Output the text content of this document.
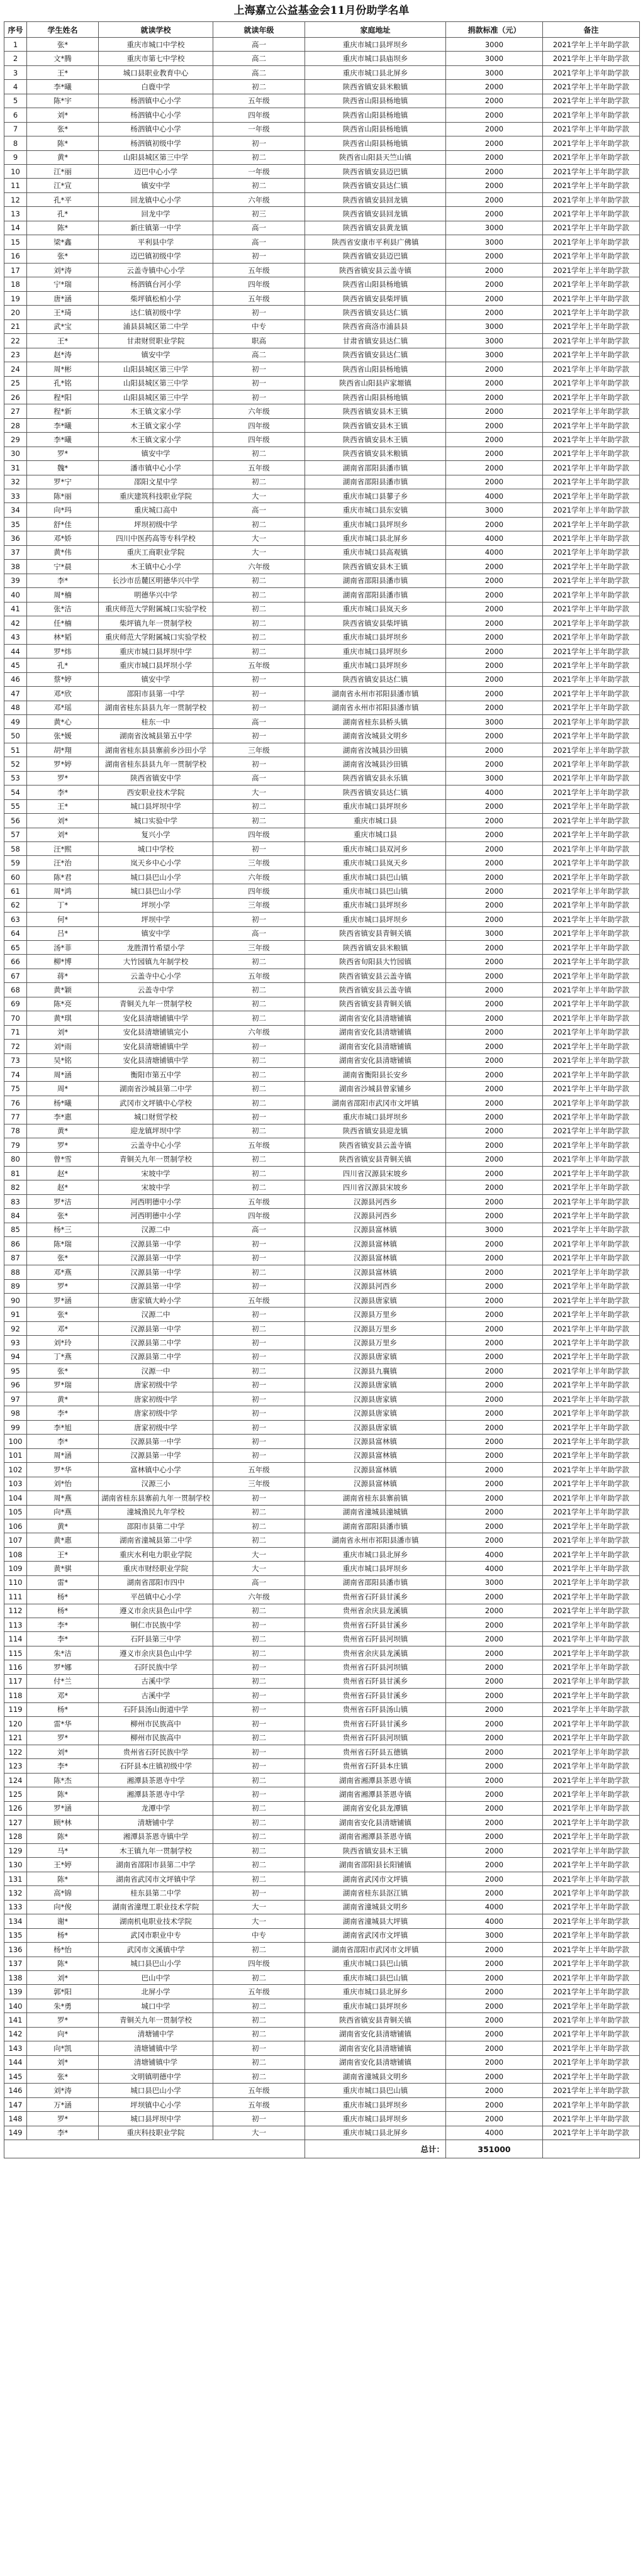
上海嘉立公益基金会11月份助学名单
序号	学生姓名	就读学校	就读年级	家庭地址	捐款标准（元）	备注
1	张*	重庆市城口中学校	高一	重庆市城口县坪坝乡	3000	2021学年上半年助学款
2	文*腾	重庆市第七中学校	高二	重庆市城口县庙坝乡	3000	2021学年上半年助学款
3	王*	城口县职业教育中心	高二	重庆市城口县北屏乡	3000	2021学年上半年助学款
4	李*曦	白鹿中学	初二	陕西省镇安县米粮镇	2000	2021学年上半年助学款
5	陈*宇	杨泗镇中心小学	五年级	陕西省山阳县杨地镇	2000	2021学年上半年助学款
6	刘*	杨泗镇中心小学	四年级	陕西省山阳县杨地镇	2000	2021学年上半年助学款
7	张*	杨泗镇中心小学	一年级	陕西省山阳县杨地镇	2000	2021学年上半年助学款
8	陈*	杨泗镇初级中学	初一	陕西省山阳县杨地镇	2000	2021学年上半年助学款
9	黄*	山阳县城区第三中学	初二	陕西省山阳县天竺山镇	2000	2021学年上半年助学款
10	江*丽	迈巴中心小学	一年级	陕西省镇安县迈巴镇	2000	2021学年上半年助学款
11	江*宣	镇安中学	初二	陕西省镇安县达仁镇	2000	2021学年上半年助学款
12	孔*平	回龙镇中心小学	六年级	陕西省镇安县回龙镇	2000	2021学年上半年助学款
13	孔*	回龙中学	初三	陕西省镇安县回龙镇	2000	2021学年上半年助学款
14	陈*	新庄镇第一中学	高一	陕西省镇安县黄龙镇	3000	2021学年上半年助学款
15	梁*鑫	平利县中学	高一	陕西省安康市平利县广佛镇	3000	2021学年上半年助学款
16	张*	迈巴镇初级中学	初一	陕西省镇安县迈巴镇	2000	2021学年上半年助学款
17	刘*涛	云盖寺镇中心小学	五年级	陕西省镇安县云盖寺镇	2000	2021学年上半年助学款
18	宁*瑞	杨泗镇台河小学	四年级	陕西省山阳县杨地镇	2000	2021学年上半年助学款
19	唐*涵	柴坪镇松柏小学	五年级	陕西省镇安县柴坪镇	2000	2021学年上半年助学款
20	王*琦	达仁镇初级中学	初一	陕西省镇安县达仁镇	2000	2021学年上半年助学款
21	武*宝	浦县县城区第二中学	中专	陕西省商洛市浦县县	3000	2021学年上半年助学款
22	王*	甘肃财贸职业学院	职高	甘肃省镇安县达仁镇	3000	2021学年上半年助学款
23	赵*涛	镇安中学	高二	陕西省镇安县达仁镇	3000	2021学年上半年助学款
24	周*彬	山阳县城区第三中学	初一	陕西省山阳县杨地镇	2000	2021学年上半年助学款
25	孔*铭	山阳县城区第三中学	初一	陕西省山阳县庐家塬镇	2000	2021学年上半年助学款
26	程*阳	山阳县城区第三中学	初一	陕西省山阳县杨地镇	2000	2021学年上半年助学款
27	程*新	木王镇文家小学	六年级	陕西省镇安县木王镇	2000	2021学年上半年助学款
28	李*曦	木王镇文家小学	四年级	陕西省镇安县木王镇	2000	2021学年上半年助学款
29	李*曦	木王镇文家小学	四年级	陕西省镇安县木王镇	2000	2021学年上半年助学款
30	罗*	镇安中学	初二	陕西省镇安县米粮镇	2000	2021学年上半年助学款
31	魏*	潘市镇中心小学	五年级	湖南省邵阳县潘市镇	2000	2021学年上半年助学款
32	罗*宁	邵阳文星中学	初二	湖南省邵阳县潘市镇	2000	2021学年上半年助学款
33	陈*丽	重庆建筑科技职业学院	大一	重庆市城口县蓼子乡	4000	2021学年上半年助学款
34	向*玛	重庆城口高中	高一	重庆市城口县东安镇	3000	2021学年上半年助学款
35	舒*佳	坪坝初级中学	初二	重庆市城口县坪坝乡	2000	2021学年上半年助学款
36	邓*娇	四川中医药高等专科学校	大一	重庆市城口县北屏乡	4000	2021学年上半年助学款
37	黄*伟	重庆工商职业学院	大一	重庆市城口县高观镇	4000	2021学年上半年助学款
38	宁*晨	木王镇中心小学	六年级	陕西省镇安县木王镇	2000	2021学年上半年助学款
39	李*	长沙市岳麓区明德华兴中学	初二	湖南省邵阳县潘市镇	2000	2021学年上半年助学款
40	周*楠	明德华兴中学	初二	湖南省邵阳县潘市镇	2000	2021学年上半年助学款
41	张*洁	重庆师范大学附属城口实验学校	初二	重庆市城口县岚天乡	2000	2021学年上半年助学款
42	任*楠	柴坪镇九年一贯制学校	初二	陕西省镇安县柴坪镇	2000	2021学年上半年助学款
43	林*韬	重庆师范大学附属城口实验学校	初二	重庆市城口县坪坝乡	2000	2021学年上半年助学款
44	罗*炜	重庆市城口县坪坝中学	初二	重庆市城口县坪坝乡	2000	2021学年上半年助学款
45	孔*	重庆市城口县坪坝小学	五年级	重庆市城口县坪坝乡	2000	2021学年上半年助学款
46	蔡*婷	镇安中学	初一	陕西省镇安县达仁镇	2000	2021学年上半年助学款
47	邓*欣	邵阳市县第一中学	初一	湖南省永州市祁阳县潘市镇	2000	2021学年上半年助学款
48	邓*瑶	湖南省桂东县县九年一贯制学校	初一	湖南省永州市祁阳县潘市镇	2000	2021学年上半年助学款
49	黄*心	桂东一中	高一	湖南省桂东县桥头镇	3000	2021学年上半年助学款
50	张*媛	湖南省汝城县第五中学	初一	湖南省汝城县文明乡	2000	2021学年上半年助学款
51	胡*翔	湖南省桂东县县寨前乡沙田小学	三年级	湖南省汝城县沙田镇	2000	2021学年上半年助学款
52	罗*婷	湖南省桂东县县九年一贯制学校	初一	湖南省汝城县沙田镇	2000	2021学年上半年助学款
53	罗*	陕西省镇安中学	高一	陕西省镇安县永乐镇	3000	2021学年上半年助学款
54	李*	西安职业技术学院	大一	陕西省镇安县达仁镇	4000	2021学年上半年助学款
55	王*	城口县坪坝中学	初二	重庆市城口县坪坝乡	2000	2021学年上半年助学款
56	刘*	城口实验中学	初二	重庆市城口县	2000	2021学年上半年助学款
57	刘*	复兴小学	四年级	重庆市城口县	2000	2021学年上半年助学款
58	汪*熙	城口中学校	初一	重庆市城口县双河乡	2000	2021学年上半年助学款
59	汪*治	岚天乡中心小学	三年级	重庆市城口县岚天乡	2000	2021学年上半年助学款
60	陈*君	城口县巴山小学	六年级	重庆市城口县巴山镇	2000	2021学年上半年助学款
61	周*鸿	城口县巴山小学	四年级	重庆市城口县巴山镇	2000	2021学年上半年助学款
62	丁*	坪坝小学	三年级	重庆市城口县坪坝乡	2000	2021学年上半年助学款
63	何*	坪坝中学	初一	重庆市城口县坪坝乡	2000	2021学年上半年助学款
64	吕*	镇安中学	高一	陕西省镇安县青铜关镇	3000	2021学年上半年助学款
65	汤*菲	龙胜渭竹希望小学	三年级	陕西省镇安县米粮镇	2000	2021学年上半年助学款
66	柳*博	大竹园镇九年制学校	初二	陕西省旬阳县大竹园镇	2000	2021学年上半年助学款
67	蒋*	云盖寺中心小学	五年级	陕西省镇安县云盖寺镇	2000	2021学年上半年助学款
68	黄*颖	云盖寺中学	初二	陕西省镇安县云盖寺镇	2000	2021学年上半年助学款
69	陈*亮	青铜关九年一贯制学校	初二	陕西省镇安县青铜关镇	2000	2021学年上半年助学款
70	黄*琪	安化县清塘铺镇中学	初二	湖南省安化县清塘铺镇	2000	2021学年上半年助学款
71	刘*	安化县清塘铺镇完小	六年级	湖南省安化县清塘铺镇	2000	2021学年上半年助学款
72	刘*雨	安化县清塘铺镇中学	初一	湖南省安化县清塘铺镇	2000	2021学年上半年助学款
73	吴*铭	安化县清塘铺镇中学	初二	湖南省安化县清塘铺镇	2000	2021学年上半年助学款
74	周*涵	衡阳市第五中学	初二	湖南省衡阳县长安乡	2000	2021学年上半年助学款
75	周*	湖南省沙城县第二中学	初二	湖南省沙城县曾家铺乡	2000	2021学年上半年助学款
76	杨*曦	武冈市文坪镇中心学校	初二	湖南省邵阳市武冈市文坪镇	2000	2021学年上半年助学款
77	李*惠	城口财贸学校	初一	重庆市城口县坪坝乡	2000	2021学年上半年助学款
78	黄*	迎龙镇坪坝中学	初二	陕西省镇安县迎龙镇	2000	2021学年上半年助学款
79	罗*	云盖寺中心小学	五年级	陕西省镇安县云盖寺镇	2000	2021学年上半年助学款
80	曾*雪	青铜关九年一贯制学校	初二	陕西省镇安县青铜关镇	2000	2021学年上半年助学款
81	赵*	宋坡中学	初二	四川省汉源县宋坡乡	2000	2021学年上半年助学款
82	赵*	宋坡中学	初二	四川省汉源县宋坡乡	2000	2021学年上半年助学款
83	罗*洁	河西明德中小学	五年级	汉源县河西乡	2000	2021学年上半年助学款
84	张*	河西明德中小学	四年级	汉源县河西乡	2000	2021学年上半年助学款
85	杨*三	汉源二中	高一	汉源县富林镇	3000	2021学年上半年助学款
86	陈*瑞	汉源县第一中学	初一	汉源县富林镇	2000	2021学年上半年助学款
87	张*	汉源县第一中学	初一	汉源县富林镇	2000	2021学年上半年助学款
88	邓*燕	汉源县第一中学	初二	汉源县富林镇	2000	2021学年上半年助学款
89	罗*	汉源县第一中学	初一	汉源县河西乡	2000	2021学年上半年助学款
90	罗*涵	唐家镇大岭小学	五年级	汉源县唐家镇	2000	2021学年上半年助学款
91	张*	汉源二中	初一	汉源县万里乡	2000	2021学年上半年助学款
92	邓*	汉源县第一中学	初二	汉源县万里乡	2000	2021学年上半年助学款
93	刘*玲	汉源县第二中学	初一	汉源县万里乡	2000	2021学年上半年助学款
94	丁*燕	汉源县第二中学	初一	汉源县唐家镇	2000	2021学年上半年助学款
95	张*	汉源一中	初二	汉源县九襄镇	2000	2021学年上半年助学款
96	罗*瑞	唐家初级中学	初一	汉源县唐家镇	2000	2021学年上半年助学款
97	黄*	唐家初级中学	初一	汉源县唐家镇	2000	2021学年上半年助学款
98	李*	唐家初级中学	初一	汉源县唐家镇	2000	2021学年上半年助学款
99	李*旭	唐家初级中学	初一	汉源县唐家镇	2000	2021学年上半年助学款
100	李*	汉源县第一中学	初一	汉源县富林镇	2000	2021学年上半年助学款
101	周*涵	汉源县第一中学	初一	汉源县富林镇	2000	2021学年上半年助学款
102	罗*华	富林镇中心小学	五年级	汉源县富林镇	2000	2021学年上半年助学款
103	刘*怡	汉源三小	三年级	汉源县富林镇	2000	2021学年上半年助学款
104	周*燕	湖南省桂东县寨前九年一贯制学校	初一	湖南省桂东县寨前镇	2000	2021学年上半年助学款
105	向*燕	潼城渔民九年学校	初二	湖南省潼城县潼城镇	2000	2021学年上半年助学款
106	黄*	邵阳市县第二中学	初二	湖南省邵阳县潘市镇	2000	2021学年上半年助学款
107	黄*惠	湖南省潼城县第二中学	初二	湖南省永州市祁阳县潘市镇	2000	2021学年上半年助学款
108	王*	重庆水利电力职业学院	大一	重庆市城口县北屏乡	4000	2021学年上半年助学款
109	黄*骐	重庆市财经职业学院	大一	重庆市城口县坪坝乡	4000	2021学年上半年助学款
110	雷*	湖南省邵阳市四中	高一	湖南省邵阳县潘市镇	3000	2021学年上半年助学款
111	杨*	平邑镇中心小学	六年级	贵州省石阡县甘溪乡	2000	2021学年上半年助学款
112	杨*	遵义市余庆县色山中学	初二	贵州省余庆县龙溪镇	2000	2021学年上半年助学款
113	李*	铜仁市民族中学	初一	贵州省石阡县甘溪乡	2000	2021学年上半年助学款
114	李*	石阡县第三中学	初二	贵州省石阡县河坝镇	2000	2021学年上半年助学款
115	朱*洁	遵义市余庆县色山中学	初二	贵州省余庆县龙溪镇	2000	2021学年上半年助学款
116	罗*娜	石阡民族中学	初一	贵州省石阡县河坝镇	2000	2021学年上半年助学款
117	付*兰	古溪中学	初二	贵州省石阡县甘溪乡	2000	2021学年上半年助学款
118	邓*	古溪中学	初一	贵州省石阡县甘溪乡	2000	2021学年上半年助学款
119	杨*	石阡县汤山街道中学	初一	贵州省石阡县汤山镇	2000	2021学年上半年助学款
120	雷*华	柳州市民族高中	初一	贵州省石阡县甘溪乡	2000	2021学年上半年助学款
121	罗*	柳州市民族高中	初二	贵州省石阡县河坝镇	2000	2021学年上半年助学款
122	刘*	贵州省石阡民族中学	初一	贵州省石阡县五德镇	2000	2021学年上半年助学款
123	李*	石阡县本庄镇初级中学	初一	贵州省石阡县本庄镇	2000	2021学年上半年助学款
124	陈*杰	湘潭县茶恩寺中学	初二	湖南省湘潭县茶恩寺镇	2000	2021学年上半年助学款
125	陈*	湘潭县茶恩寺中学	初一	湖南省湘潭县茶恩寺镇	2000	2021学年上半年助学款
126	罗*涵	龙潭中学	初二	湖南省安化县龙潭镇	2000	2021学年上半年助学款
127	顾*林	清塘铺中学	初二	湖南省安化县清塘铺镇	2000	2021学年上半年助学款
128	陈*	湘潭县茶恩寺镇中学	初二	湖南省湘潭县茶恩寺镇	2000	2021学年上半年助学款
129	马*	木王镇九年一贯制学校	初二	陕西省镇安县木王镇	2000	2021学年上半年助学款
130	王*婷	湖南省邵阳市县第二中学	初二	湖南省邵阳县长阳铺镇	2000	2021学年上半年助学款
131	陈*	湖南省武冈市文坪镇中学	初二	湖南省武冈市文坪镇	2000	2021学年上半年助学款
132	高*锦	桂东县第二中学	初一	湖南省桂东县沤江镇	2000	2021学年上半年助学款
133	向*俊	湖南省潼理工职业技术学院	大一	湖南省潼城县文明乡	4000	2021学年上半年助学款
134	谢*	湖南机电职业技术学院	大一	湖南省潼城县大坪镇	4000	2021学年上半年助学款
135	杨*	武冈市职业中专	中专	湖南省武冈市文坪镇	3000	2021学年上半年助学款
136	杨*怡	武冈市文溪镇中学	初二	湖南省邵阳市武冈市文坪镇	2000	2021学年上半年助学款
137	陈*	城口县巴山小学	四年级	重庆市城口县巴山镇	2000	2021学年上半年助学款
138	刘*	巴山中学	初二	重庆市城口县巴山镇	2000	2021学年上半年助学款
139	郭*阳	北屏小学	五年级	重庆市城口县北屏乡	2000	2021学年上半年助学款
140	朱*勇	城口中学	初二	重庆市城口县坪坝乡	2000	2021学年上半年助学款
141	罗*	青铜关九年一贯制学校	初二	陕西省镇安县青铜关镇	2000	2021学年上半年助学款
142	向*	清塘铺中学	初二	湖南省安化县清塘铺镇	2000	2021学年上半年助学款
143	向*凯	清塘铺镇中学	初一	湖南省安化县清塘铺镇	2000	2021学年上半年助学款
144	刘*	清塘铺镇中学	初二	湖南省安化县清塘铺镇	2000	2021学年上半年助学款
145	张*	文明镇明德中学	初二	湖南省潼城县文明乡	2000	2021学年上半年助学款
146	刘*涛	城口县巴山小学	五年级	重庆市城口县巴山镇	2000	2021学年上半年助学款
147	万*涵	坪坝镇中心小学	五年级	重庆市城口县坪坝乡	2000	2021学年上半年助学款
148	罗*	城口县坪坝中学	初一	重庆市城口县坪坝乡	2000	2021学年上半年助学款
149	李*	重庆科技职业学院	大一	重庆市城口县北屏乡	4000	2021学年上半年助学款
				总计：	351000	
